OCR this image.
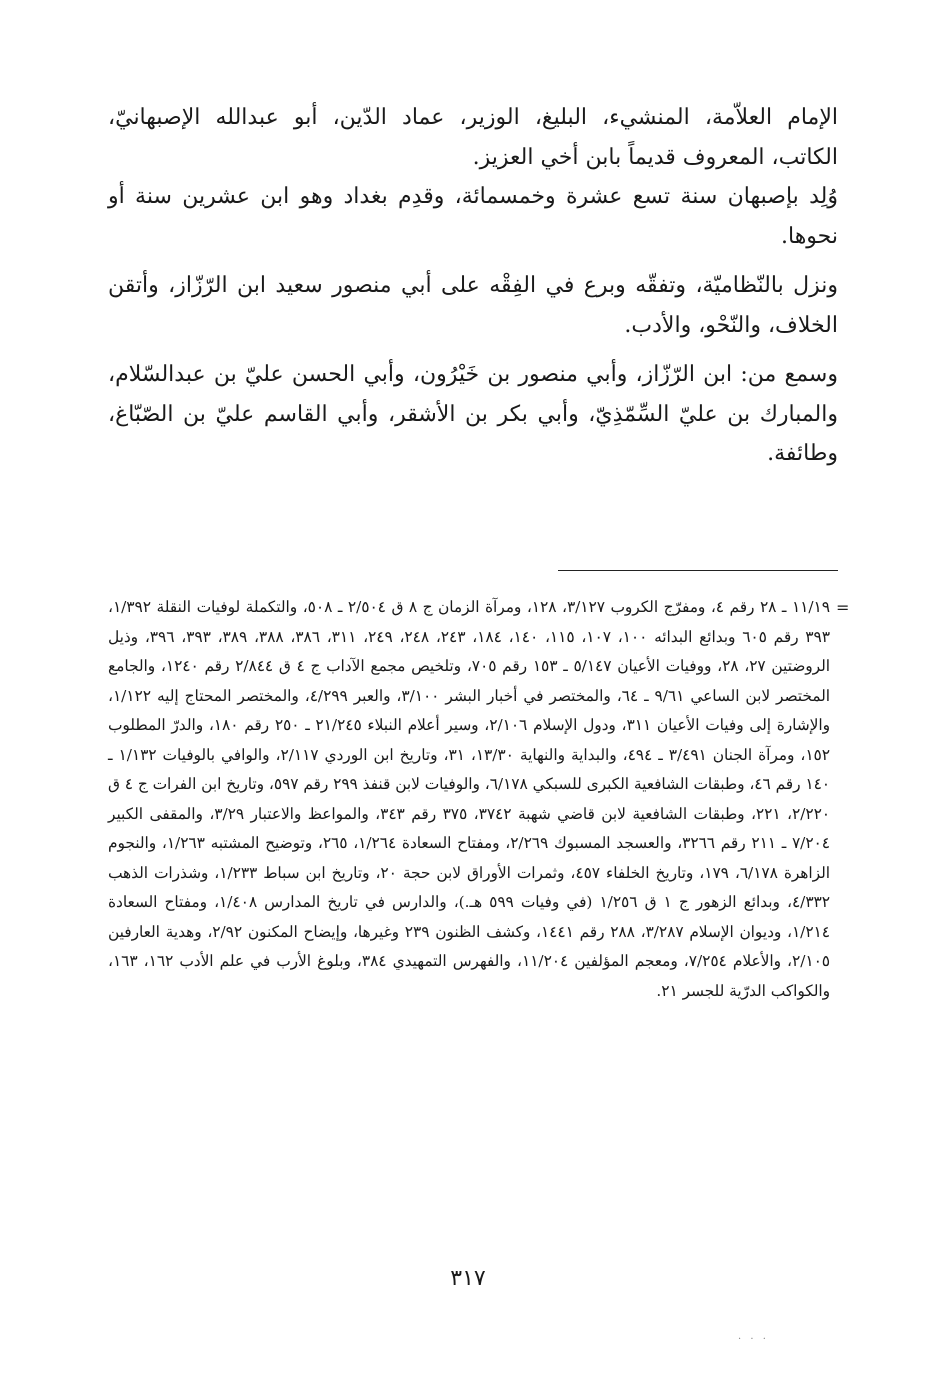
الإمام العلاّمة، المنشيء، البليغ، الوزير، عماد الدّين، أبو عبدالله الإصبهانيّ، الكاتب، المعروف قديماً بابن أخي العزيز.

وُلِد بإصبهان سنة تسع عشرة وخمسمائة، وقدِم بغداد وهو ابن عشرين سنة أو نحوها.

ونزل بالنّظاميّة، وتفقّه وبرع في الفِقْه على أبي منصور سعيد ابن الرّزّاز، وأتقن الخلاف، والنّحْو، والأدب.

وسمع من: ابن الرّزّاز، وأبي منصور بن خَيْرُون، وأبي الحسن عليّ بن عبدالسّلام، والمبارك بن عليّ السِّمّذِيّ، وأبي بكر بن الأشقر، وأبي القاسم عليّ بن الصّبّاغ، وطائفة.

=

١١/١٩ ـ ٢٨ رقم ٤، ومفرّج الكروب ٣/١٢٧، ١٢٨، ومرآة الزمان ج ٨ ق ٢/٥٠٤ ـ ٥٠٨، والتكملة لوفيات النقلة ١/٣٩٢، ٣٩٣ رقم ٦٠٥ وبدائع البدائه ١٠٠، ١٠٧، ١١٥، ١٤٠، ١٨٤، ٢٤٣، ٢٤٨، ٢٤٩، ٣١١، ٣٨٦، ٣٨٨، ٣٨٩، ٣٩٣، ٣٩٦، وذيل الروضتين ٢٧، ٢٨، ووفيات الأعيان ٥/١٤٧ ـ ١٥٣ رقم ٧٠٥، وتلخيص مجمع الآداب ج ٤ ق ٢/٨٤٤ رقم ١٢٤٠، والجامع المختصر لابن الساعي ٩/٦١ ـ ٦٤، والمختصر في أخبار البشر ٣/١٠٠، والعبر ٤/٢٩٩، والمختصر المحتاج إليه ١/١٢٢، والإشارة إلى وفيات الأعيان ٣١١، ودول الإسلام ٢/١٠٦، وسير أعلام النبلاء ٢١/٢٤٥ ـ ٢٥٠ رقم ١٨٠، والدرّ المطلوب ١٥٢، ومرآة الجنان ٣/٤٩١ ـ ٤٩٤، والبداية والنهاية ١٣/٣٠، ٣١، وتاريخ ابن الوردي ٢/١١٧، والوافي بالوفيات ١/١٣٢ ـ ١٤٠ رقم ٤٦، وطبقات الشافعية الكبرى للسبكي ٦/١٧٨، والوفيات لابن قنفذ ٢٩٩ رقم ٥٩٧، وتاريخ ابن الفرات ج ٤ ق ٢/٢٢٠، ٢٢١، وطبقات الشافعية لابن قاضي شهبة ٣٧٤٢، ٣٧٥ رقم ٣٤٣، والمواعظ والاعتبار ٣/٢٩، والمقفى الكبير ٧/٢٠٤ ـ ٢١١ رقم ٣٢٦٦، والعسجد المسبوك ٢/٢٦٩، ومفتاح السعادة ١/٢٦٤، ٢٦٥، وتوضيح المشتبه ١/٢٦٣، والنجوم الزاهرة ٦/١٧٨، ١٧٩، وتاريخ الخلفاء ٤٥٧، وثمرات الأوراق لابن حجة ٢٠، وتاريخ ابن سباط ١/٢٣٣، وشذرات الذهب ٤/٣٣٢، وبدائع الزهور ج ١ ق ١/٢٥٦ (في وفيات ٥٩٩ هـ.)، والدارس في تاريخ المدارس ١/٤٠٨، ومفتاح السعادة ١/٢١٤، وديوان الإسلام ٣/٢٨٧، ٢٨٨ رقم ١٤٤١، وكشف الظنون ٢٣٩ وغيرها، وإيضاح المكنون ٢/٩٢، وهدية العارفين ٢/١٠٥، والأعلام ٧/٢٥٤، ومعجم المؤلفين ١١/٢٠٤، والفهرس التمهيدي ٣٨٤، وبلوغ الأرب في علم الأدب ١٦٢، ١٦٣، والكواكب الدرّية للجسر ٢١.

٣١٧
· · ·
